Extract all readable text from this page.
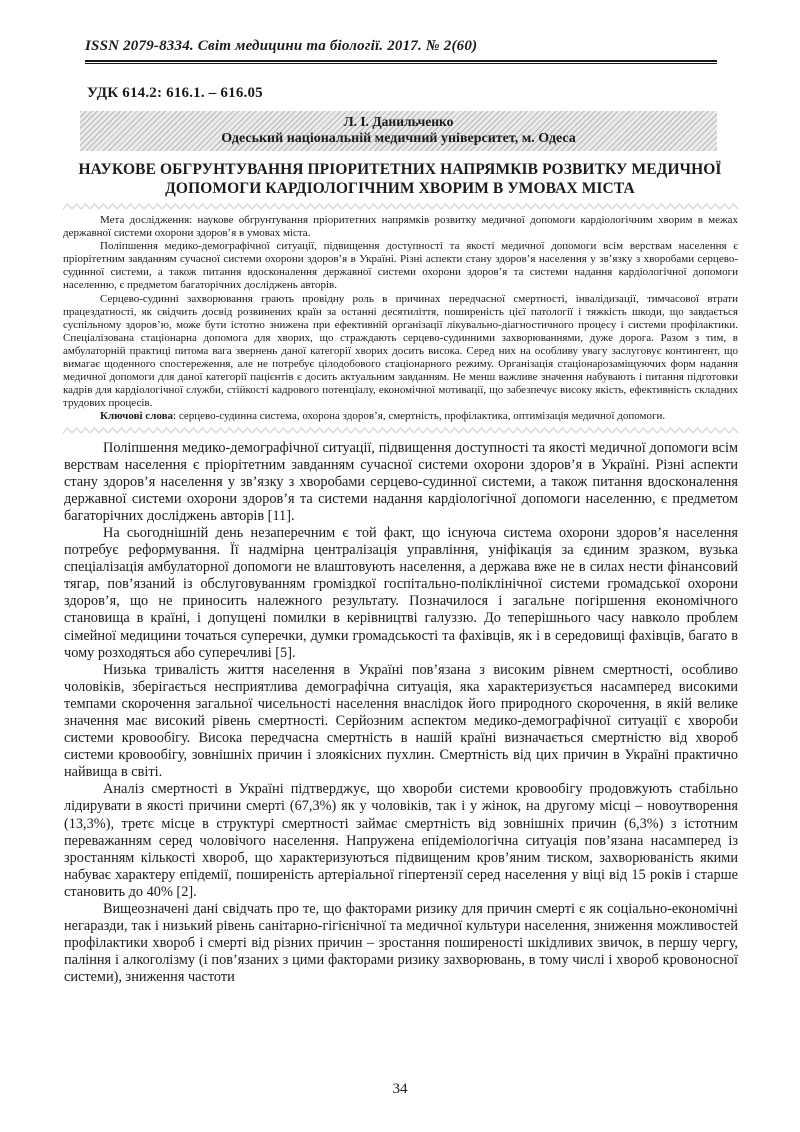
ISSN 2079-8334. Світ медицини та біології. 2017. № 2(60)
УДК 614.2: 616.1. – 616.05
Л. І. Данильченко
Одеський національній медичний університет, м. Одеса
НАУКОВЕ ОБГРУНТУВАННЯ ПРІОРИТЕТНИХ НАПРЯМКІВ РОЗВИТКУ МЕДИЧНОЇ ДОПОМОГИ КАРДІОЛОГІЧНИМ ХВОРИМ В УМОВАХ МІСТА

Мета дослідження: наукове обгрунтування пріоритетних напрямків розвитку медичної допомоги кардіологічним хворим в межах державної системи охорони здоров’я в умовах міста.

Поліпшення медико-демографічної ситуації, підвищення доступності та якості медичної допомоги всім верствам населення є пріорітетним завданням сучасної системи охорони здоров’я в Україні. Різні аспекти стану здоров’я населення у зв’язку з хворобами серцево-судинної системи, а також питання вдосконалення державної системи охорони здоров’я та системи надання кардіологічної допомоги населенню, є предметом багаторічних досліджень авторів.

Серцево-судинні захворювання грають провідну роль в причинах передчасної смертності, інвалідизації, тимчасової втрати працездатності, як свідчить досвід розвинених країн за останні десятиліття, поширеність цієї патології і тяжкість шкоди, що завдається суспільному здоров’ю, може бути істотно знижена при ефективній організації лікувально-діагностичного процесу і системи профілактики. Спеціалізована стаціонарна допомога для хворих, що страждають серцево-судинними захворюваннями, дуже дорога. Разом з тим, в амбулаторній практиці питома вага звернень даної категорії хворих досить висока. Серед них на особливу увагу заслуговує контингент, що вимагає щоденного спостереження, але не потребує цілодобового стаціонарного режиму. Організація стаціонарозаміщуючих форм надання медичної допомоги для даної категорії пацієнтів є досить актуальним завданням. Не менш важливе значення набувають і питання підготовки кадрів для кардіологічної служби, стійкості кадрового потенціалу, економічної мотивації, що забезпечує високу якість, ефективність складних трудових процесів.

Ключові слова: серцево-судинна система, охорона здоров’я, смертність, профілактика, оптимізація медичної допомоги.

Поліпшення медико-демографічної ситуації, підвищення доступності та якості медичної допомоги всім верствам населення є пріорітетним завданням сучасної системи охорони здоров’я в Україні. Різні аспекти стану здоров’я населення у зв’язку з хворобами серцево-судинної системи, а також питання вдосконалення державної системи охорони здоров’я та системи надання кардіологічної допомоги населенню, є предметом багаторічних досліджень авторів [11].

На сьогоднішній день незаперечним є той факт, що існуюча система охорони здоров’я населення потребує реформування. Її надмірна централізація управління, уніфікація за єдиним зразком, вузька спеціалізація амбулаторної допомоги не влаштовують населення, а держава вже не в силах нести фінансовий тягар, пов’язаний із обслуговуванням громіздкої госпітально-поліклінічної системи громадської охорони здоров’я, що не приносить належного результату. Позначилося і загальне погіршення економічного становища в країні, і допущені помилки в керівництві галуззю. До теперішнього часу навколо проблем сімейної медицини точаться суперечки, думки громадськості та фахівців, як і в середовищі фахівців, багато в чому розходяться або суперечливі [5].

Низька тривалість життя населення в Україні пов’язана з високим рівнем смертності, особливо чоловіків, зберігається несприятлива демографічна ситуація, яка характеризується насамперед високими темпами скорочення загальної чисельності населення внаслідок його природного скорочення, в якій велике значення має високий рівень смертності. Серйозним аспектом медико-демографічної ситуації є хвороби системи кровообігу. Висока передчасна смертність в нашій країні визначається смертністю від хвороб системи кровообігу, зовнішніх причин і злоякісних пухлин. Смертність від цих причин в Україні практично найвища в світі.

Аналіз смертності в Україні підтверджує, що хвороби системи кровообігу продовжують стабільно лідирувати в якості причини смерті (67,3%) як у чоловіків, так і у жінок, на другому місці – новоутворення (13,3%), третє місце в структурі смертності займає смертність від зовнішніх причин (6,3%) з істотним переважанням серед чоловічого населення. Напружена епідеміологічна ситуація пов’язана насамперед із зростанням кількості хвороб, що характеризуються підвищеним кров’яним тиском, захворюваність якими набуває характеру епідемії, поширеність артеріальної гіпертензії серед населення у віці від 15 років і старше становить до 40% [2].

Вищеозначені дані свідчать про те, що факторами ризику для причин смерті є як соціально-економічні негаразди, так і низький рівень санітарно-гігієнічної та медичної культури населення, зниження можливостей профілактики хвороб і смерті від різних причин – зростання поширеності шкідливих звичок, в першу чергу, паління і алкоголізму (і пов’язаних з цими факторами ризику захворювань, в тому числі і хвороб кровоносної системи), зниження частоти

34
